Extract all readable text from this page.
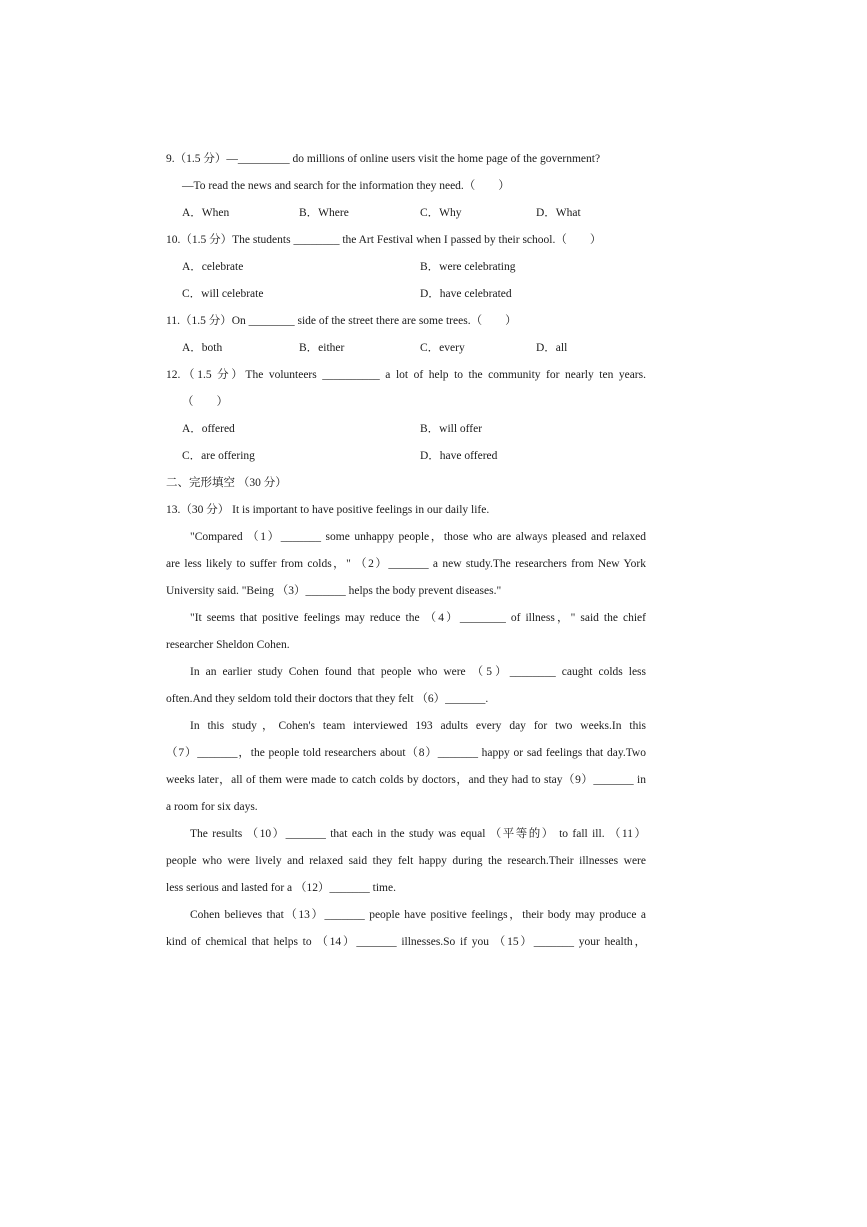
9.（1.5 分）—_________ do millions of online users visit the home page of the government?
—To read the news and search for the information they need.（　　）
A．When	B．Where	C．Why	D．What
10.（1.5 分）The students ________ the Art Festival when I passed by their school.（　　）
A．celebrate	B．were celebrating
C．will celebrate	D．have celebrated
11.（1.5 分）On ________ side of the street there are some trees.（　　）
A．both	B．either	C．every	D．all
12.（1.5 分）The volunteers __________ a lot of help to the community for nearly ten years.
（　　）
A．offered	B．will offer
C．are offering	D．have offered
二、完形填空 （30 分）
13.（30 分） It is important to have positive feelings in our daily life.
"Compared （1）_______ some unhappy people，those who are always pleased and relaxed
are less likely to suffer from colds，" （2）_______ a new study.The researchers from New York
University said. "Being （3）_______ helps the body prevent diseases."
"It seems that positive feelings may reduce the （4）________ of illness，" said the chief
researcher Sheldon Cohen.
In an earlier study Cohen found that people who were （5）________ caught colds less
often.And they seldom told their doctors that they felt （6）_______.
In this study，Cohen's team interviewed 193 adults every day for two weeks.In this
（7）_______，the people told researchers about（8）_______ happy or sad feelings that day.Two
weeks later，all of them were made to catch colds by doctors，and they had to stay（9）_______ in
a room for six days.
The results （10）_______ that each in the study was equal （平等的） to fall ill. （11）
people who were lively and relaxed said they felt happy during the research.Their illnesses were
less serious and lasted for a （12）_______ time.
Cohen believes that（13）_______ people have positive feelings，their body may produce a
kind of chemical that helps to （14）_______ illnesses.So if you （15）_______ your health，
